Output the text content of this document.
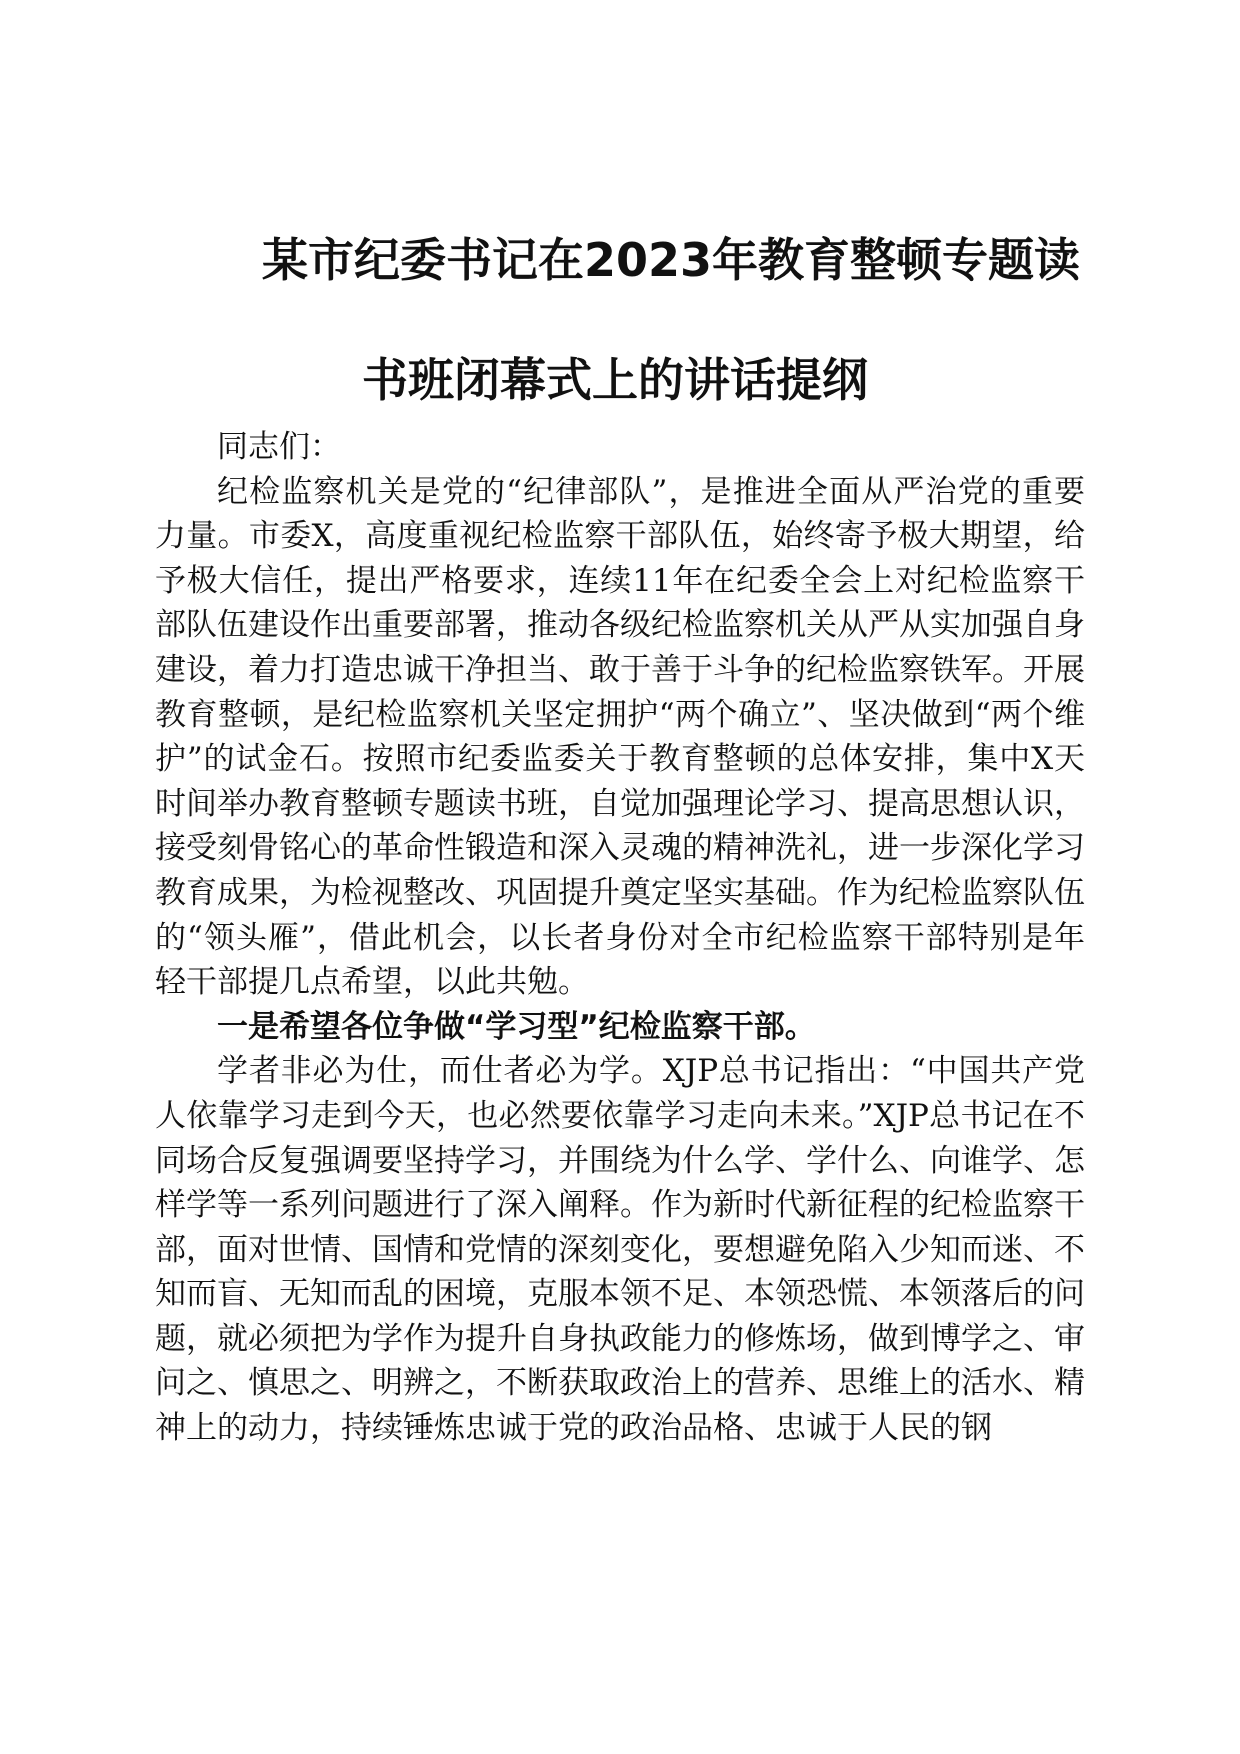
某市纪委书记在2023年教育整顿专题读
书班闭幕式上的讲话提纲

同志们：

纪检监察机关是党的“纪律部队”，是推进全面从严治党的重要力量。市委X，高度重视纪检监察干部队伍，始终寄予极大期望，给予极大信任，提出严格要求，连续11年在纪委全会上对纪检监察干部队伍建设作出重要部署，推动各级纪检监察机关从严从实加强自身建设，着力打造忠诚干净担当、敢于善于斗争的纪检监察铁军。开展教育整顿，是纪检监察机关坚定拥护“两个确立”、坚决做到“两个维护”的试金石。按照市纪委监委关于教育整顿的总体安排，集中X天时间举办教育整顿专题读书班，自觉加强理论学习、提高思想认识，接受刻骨铭心的革命性锻造和深入灵魂的精神洗礼，进一步深化学习教育成果，为检视整改、巩固提升奠定坚实基础。作为纪检监察队伍的“领头雁”，借此机会，以长者身份对全市纪检监察干部特别是年轻干部提几点希望，以此共勉。

一是希望各位争做“学习型”纪检监察干部。

学者非必为仕，而仕者必为学。XJP总书记指出：“中国共产党人依靠学习走到今天，也必然要依靠学习走向未来。”XJP总书记在不同场合反复强调要坚持学习，并围绕为什么学、学什么、向谁学、怎样学等一系列问题进行了深入阐释。作为新时代新征程的纪检监察干部，面对世情、国情和党情的深刻变化，要想避免陷入少知而迷、不知而盲、无知而乱的困境，克服本领不足、本领恐慌、本领落后的问题，就必须把为学作为提升自身执政能力的修炼场，做到博学之、审问之、慎思之、明辨之，不断获取政治上的营养、思维上的活水、精神上的动力，持续锤炼忠诚于党的政治品格、忠诚于人民的钢
